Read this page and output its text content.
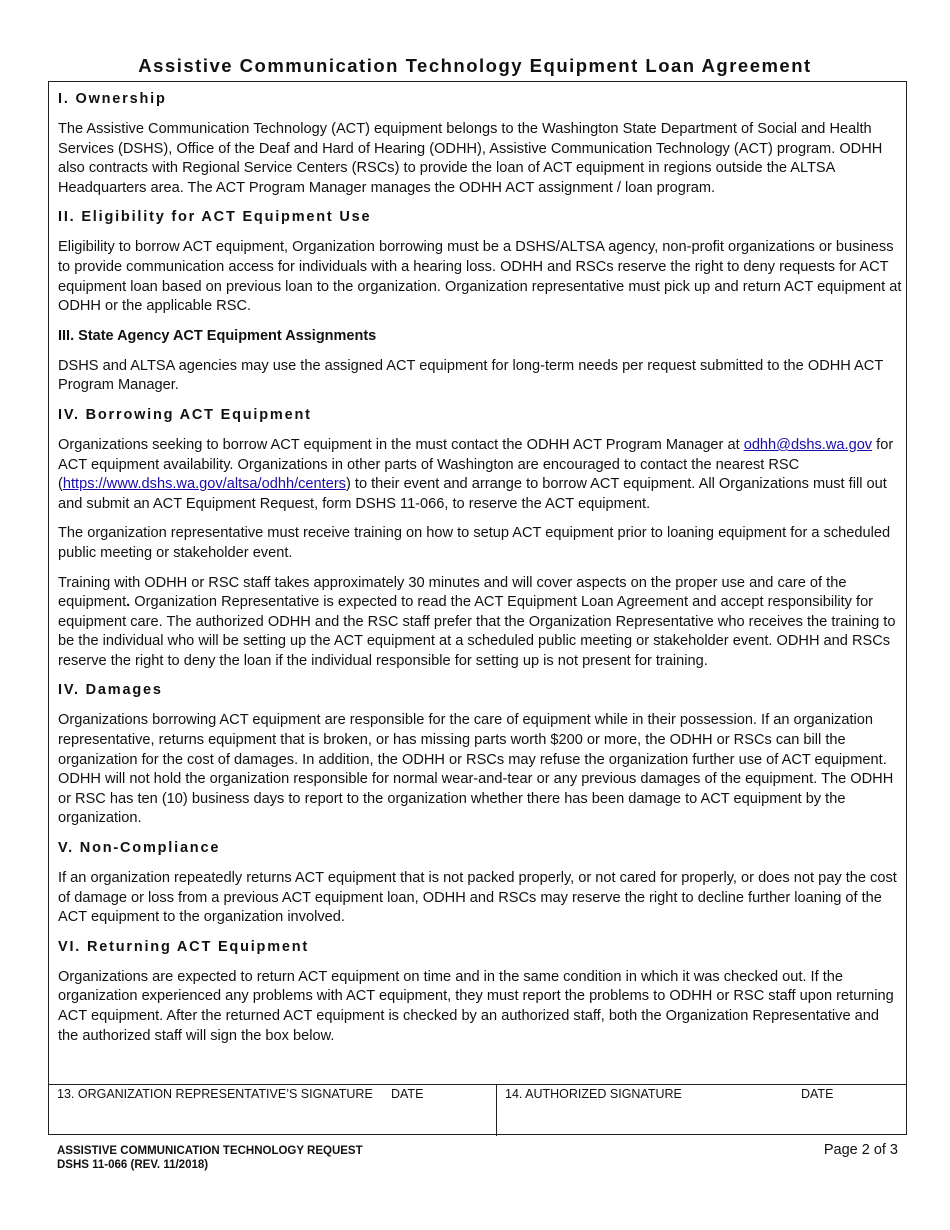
Assistive Communication Technology Equipment Loan Agreement
I. Ownership

The Assistive Communication Technology (ACT) equipment belongs to the Washington State Department of Social and Health Services (DSHS), Office of the Deaf and Hard of Hearing (ODHH), Assistive Communication Technology (ACT) program. ODHH also contracts with Regional Service Centers (RSCs) to provide the loan of ACT equipment in regions outside the ALTSA Headquarters area. The ACT Program Manager manages the ODHH ACT assignment / loan program.

II. Eligibility for ACT Equipment Use

Eligibility to borrow ACT equipment, Organization borrowing must be a DSHS/ALTSA agency, non-profit organizations or business to provide communication access for individuals with a hearing loss. ODHH and RSCs reserve the right to deny requests for ACT equipment loan based on previous loan to the organization. Organization representative must pick up and return ACT equipment at ODHH or the applicable RSC.

III. State Agency ACT Equipment Assignments

DSHS and ALTSA agencies may use the assigned ACT equipment for long-term needs per request submitted to the ODHH ACT Program Manager.

IV. Borrowing ACT Equipment

Organizations seeking to borrow ACT equipment in the must contact the ODHH ACT Program Manager at odhh@dshs.wa.gov for ACT equipment availability. Organizations in other parts of Washington are encouraged to contact the nearest RSC (https://www.dshs.wa.gov/altsa/odhh/centers) to their event and arrange to borrow ACT equipment. All Organizations must fill out and submit an ACT Equipment Request, form DSHS 11-066, to reserve the ACT equipment.

The organization representative must receive training on how to setup ACT equipment prior to loaning equipment for a scheduled public meeting or stakeholder event.

Training with ODHH or RSC staff takes approximately 30 minutes and will cover aspects on the proper use and care of the equipment. Organization Representative is expected to read the ACT Equipment Loan Agreement and accept responsibility for equipment care. The authorized ODHH and the RSC staff prefer that the Organization Representative who receives the training to be the individual who will be setting up the ACT equipment at a scheduled public meeting or stakeholder event. ODHH and RSCs reserve the right to deny the loan if the individual responsible for setting up is not present for training.

IV. Damages

Organizations borrowing ACT equipment are responsible for the care of equipment while in their possession. If an organization representative, returns equipment that is broken, or has missing parts worth $200 or more, the ODHH or RSCs can bill the organization for the cost of damages. In addition, the ODHH or RSCs may refuse the organization further use of ACT equipment. ODHH will not hold the organization responsible for normal wear-and-tear or any previous damages of the equipment. The ODHH or RSC has ten (10) business days to report to the organization whether there has been damage to ACT equipment by the organization.

V. Non-Compliance

If an organization repeatedly returns ACT equipment that is not packed properly, or not cared for properly, or does not pay the cost of damage or loss from a previous ACT equipment loan, ODHH and RSCs may reserve the right to decline further loaning of the ACT equipment to the organization involved.

VI. Returning ACT Equipment

Organizations are expected to return ACT equipment on time and in the same condition in which it was checked out. If the organization experienced any problems with ACT equipment, they must report the problems to ODHH or RSC staff upon returning ACT equipment. After the returned ACT equipment is checked by an authorized staff, both the Organization Representative and the authorized staff will sign the box below.

13. ORGANIZATION REPRESENTATIVE’S SIGNATURE DATE	14. AUTHORIZED SIGNATURE	DATE
ASSISTIVE COMMUNICATION TECHNOLOGY REQUEST
DSHS 11-066 (REV. 11/2018)
Page 2 of 3
